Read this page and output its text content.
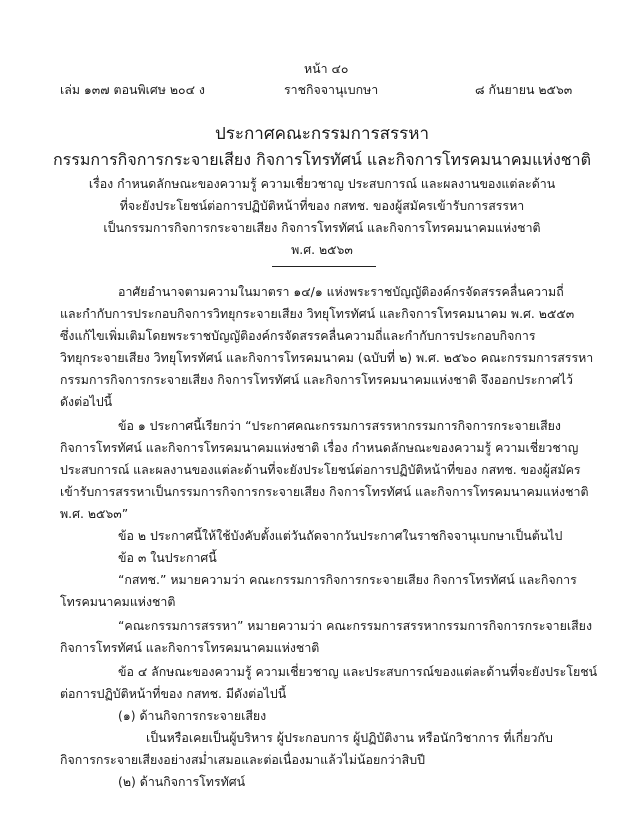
หน้า ๔๐
เล่ม ๑๓๗ ตอนพิเศษ ๒๐๔ ง	ราชกิจจานุเบกษา	๘ กันยายน ๒๕๖๓
ประกาศคณะกรรมการสรรหา
กรรมการกิจการกระจายเสียง กิจการโทรทัศน์ และกิจการโทรคมนาคมแห่งชาติ
เรื่อง กำหนดลักษณะของความรู้ ความเชี่ยวชาญ ประสบการณ์ และผลงานของแต่ละด้าน
ที่จะยังประโยชน์ต่อการปฏิบัติหน้าที่ของ กสทช. ของผู้สมัครเข้ารับการสรรหา
เป็นกรรมการกิจการกระจายเสียง กิจการโทรทัศน์ และกิจการโทรคมนาคมแห่งชาติ
พ.ศ. ๒๕๖๓
อาศัยอำนาจตามความในมาตรา ๑๔/๑ แห่งพระราชบัญญัติองค์กรจัดสรรคลื่นความถี่
และกำกับการประกอบกิจการวิทยุกระจายเสียง วิทยุโทรทัศน์ และกิจการโทรคมนาคม พ.ศ. ๒๕๕๓
ซึ่งแก้ไขเพิ่มเติมโดยพระราชบัญญัติองค์กรจัดสรรคลื่นความถี่และกำกับการประกอบกิจการ
วิทยุกระจายเสียง วิทยุโทรทัศน์ และกิจการโทรคมนาคม (ฉบับที่ ๒) พ.ศ. ๒๕๖๐ คณะกรรมการสรรหา
กรรมการกิจการกระจายเสียง กิจการโทรทัศน์ และกิจการโทรคมนาคมแห่งชาติ จึงออกประกาศไว้
ดังต่อไปนี้
ข้อ ๑ ประกาศนี้เรียกว่า “ประกาศคณะกรรมการสรรหากรรมการกิจการกระจายเสียง
กิจการโทรทัศน์ และกิจการโทรคมนาคมแห่งชาติ เรื่อง กำหนดลักษณะของความรู้ ความเชี่ยวชาญ
ประสบการณ์ และผลงานของแต่ละด้านที่จะยังประโยชน์ต่อการปฏิบัติหน้าที่ของ กสทช. ของผู้สมัคร
เข้ารับการสรรหาเป็นกรรมการกิจการกระจายเสียง กิจการโทรทัศน์ และกิจการโทรคมนาคมแห่งชาติ
พ.ศ. ๒๕๖๓”
ข้อ ๒ ประกาศนี้ให้ใช้บังคับตั้งแต่วันถัดจากวันประกาศในราชกิจจานุเบกษาเป็นต้นไป
ข้อ ๓ ในประกาศนี้
“กสทช.” หมายความว่า คณะกรรมการกิจการกระจายเสียง กิจการโทรทัศน์ และกิจการ
โทรคมนาคมแห่งชาติ
“คณะกรรมการสรรหา” หมายความว่า คณะกรรมการสรรหากรรมการกิจการกระจายเสียง
กิจการโทรทัศน์ และกิจการโทรคมนาคมแห่งชาติ
ข้อ ๔ ลักษณะของความรู้ ความเชี่ยวชาญ และประสบการณ์ของแต่ละด้านที่จะยังประโยชน์
ต่อการปฏิบัติหน้าที่ของ กสทช. มีดังต่อไปนี้
(๑) ด้านกิจการกระจายเสียง
เป็นหรือเคยเป็นผู้บริหาร ผู้ประกอบการ ผู้ปฏิบัติงาน หรือนักวิชาการ ที่เกี่ยวกับ
กิจการกระจายเสียงอย่างสม่ำเสมอและต่อเนื่องมาแล้วไม่น้อยกว่าสิบปี
(๒) ด้านกิจการโทรทัศน์
